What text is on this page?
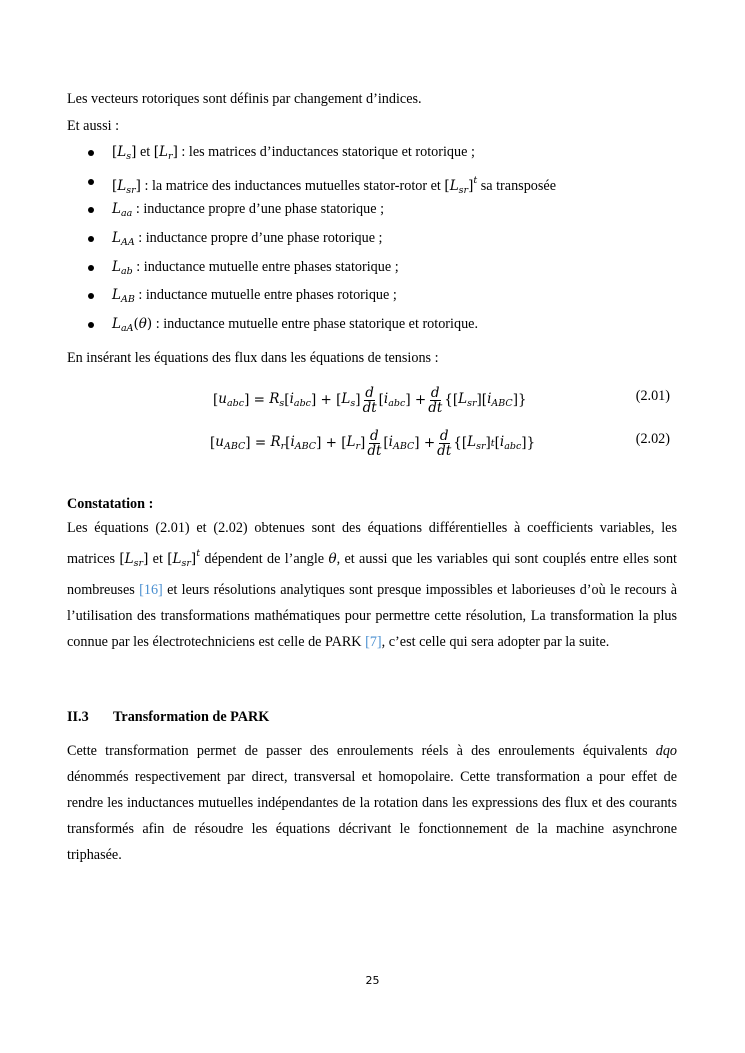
Les vecteurs rotoriques sont définis par changement d’indices.

Et aussi :

$[L_s]$ et $[L_r]$ : les matrices d’inductances statorique et rotorique ;
$[L_{sr}]$ : la matrice des inductances mutuelles stator-rotor et $[L_{sr}]^t$ sa transposée
$L_{aa}$ : inductance propre d’une phase statorique ;
$L_{AA}$ : inductance propre d’une phase rotorique ;
$L_{ab}$ : inductance mutuelle entre phases statorique ;
$L_{AB}$ : inductance mutuelle entre phases rotorique ;
$L_{aA}(\theta)$ : inductance mutuelle entre phase statorique et rotorique.

En insérant les équations des flux dans les équations de tensions :

[ $u_{abc}$ ] = $R_s$ [ $i_{abc}$ ] + [ $L_s$ ] $\frac{d}{dt}$ [ $i_{abc}$ ] + $\frac{d}{dt}$ {[ $L_{sr}$ ][ $i_{ABC}$ ]}	(2.01)
[ $u_{ABC}$ ] = $R_r$ [ $i_{ABC}$ ] + [ $L_r$ ] $\frac{d}{dt}$ [ $i_{ABC}$ ] + $\frac{d}{dt}$ {[ $L_{sr}$ ] t [ $i_{abc}$ ]}	(2.02)

Constatation :

Les équations (2.01) et (2.02) obtenues sont des équations différentielles à coefficients variables, les matrices $[L_{sr}]$ et $[L_{sr}]^t$ dépendent de l’angle θ, et aussi que les variables qui sont couplés entre elles sont nombreuses [16] et leurs résolutions analytiques sont presque impossibles et laborieuses d’où le recours à l’utilisation des transformations mathématiques pour permettre cette résolution, La transformation la plus connue par les électrotechniciens est celle de PARK [7], c’est celle qui sera adopter par la suite.

II.3 Transformation de PARK

Cette transformation permet de passer des enroulements réels à des enroulements équivalents dqo dénommés respectivement par direct, transversal et homopolaire. Cette transformation a pour effet de rendre les inductances mutuelles indépendantes de la rotation dans les expressions des flux et des courants transformés afin de résoudre les équations décrivant le fonctionnement de la machine asynchrone triphasée.

25
